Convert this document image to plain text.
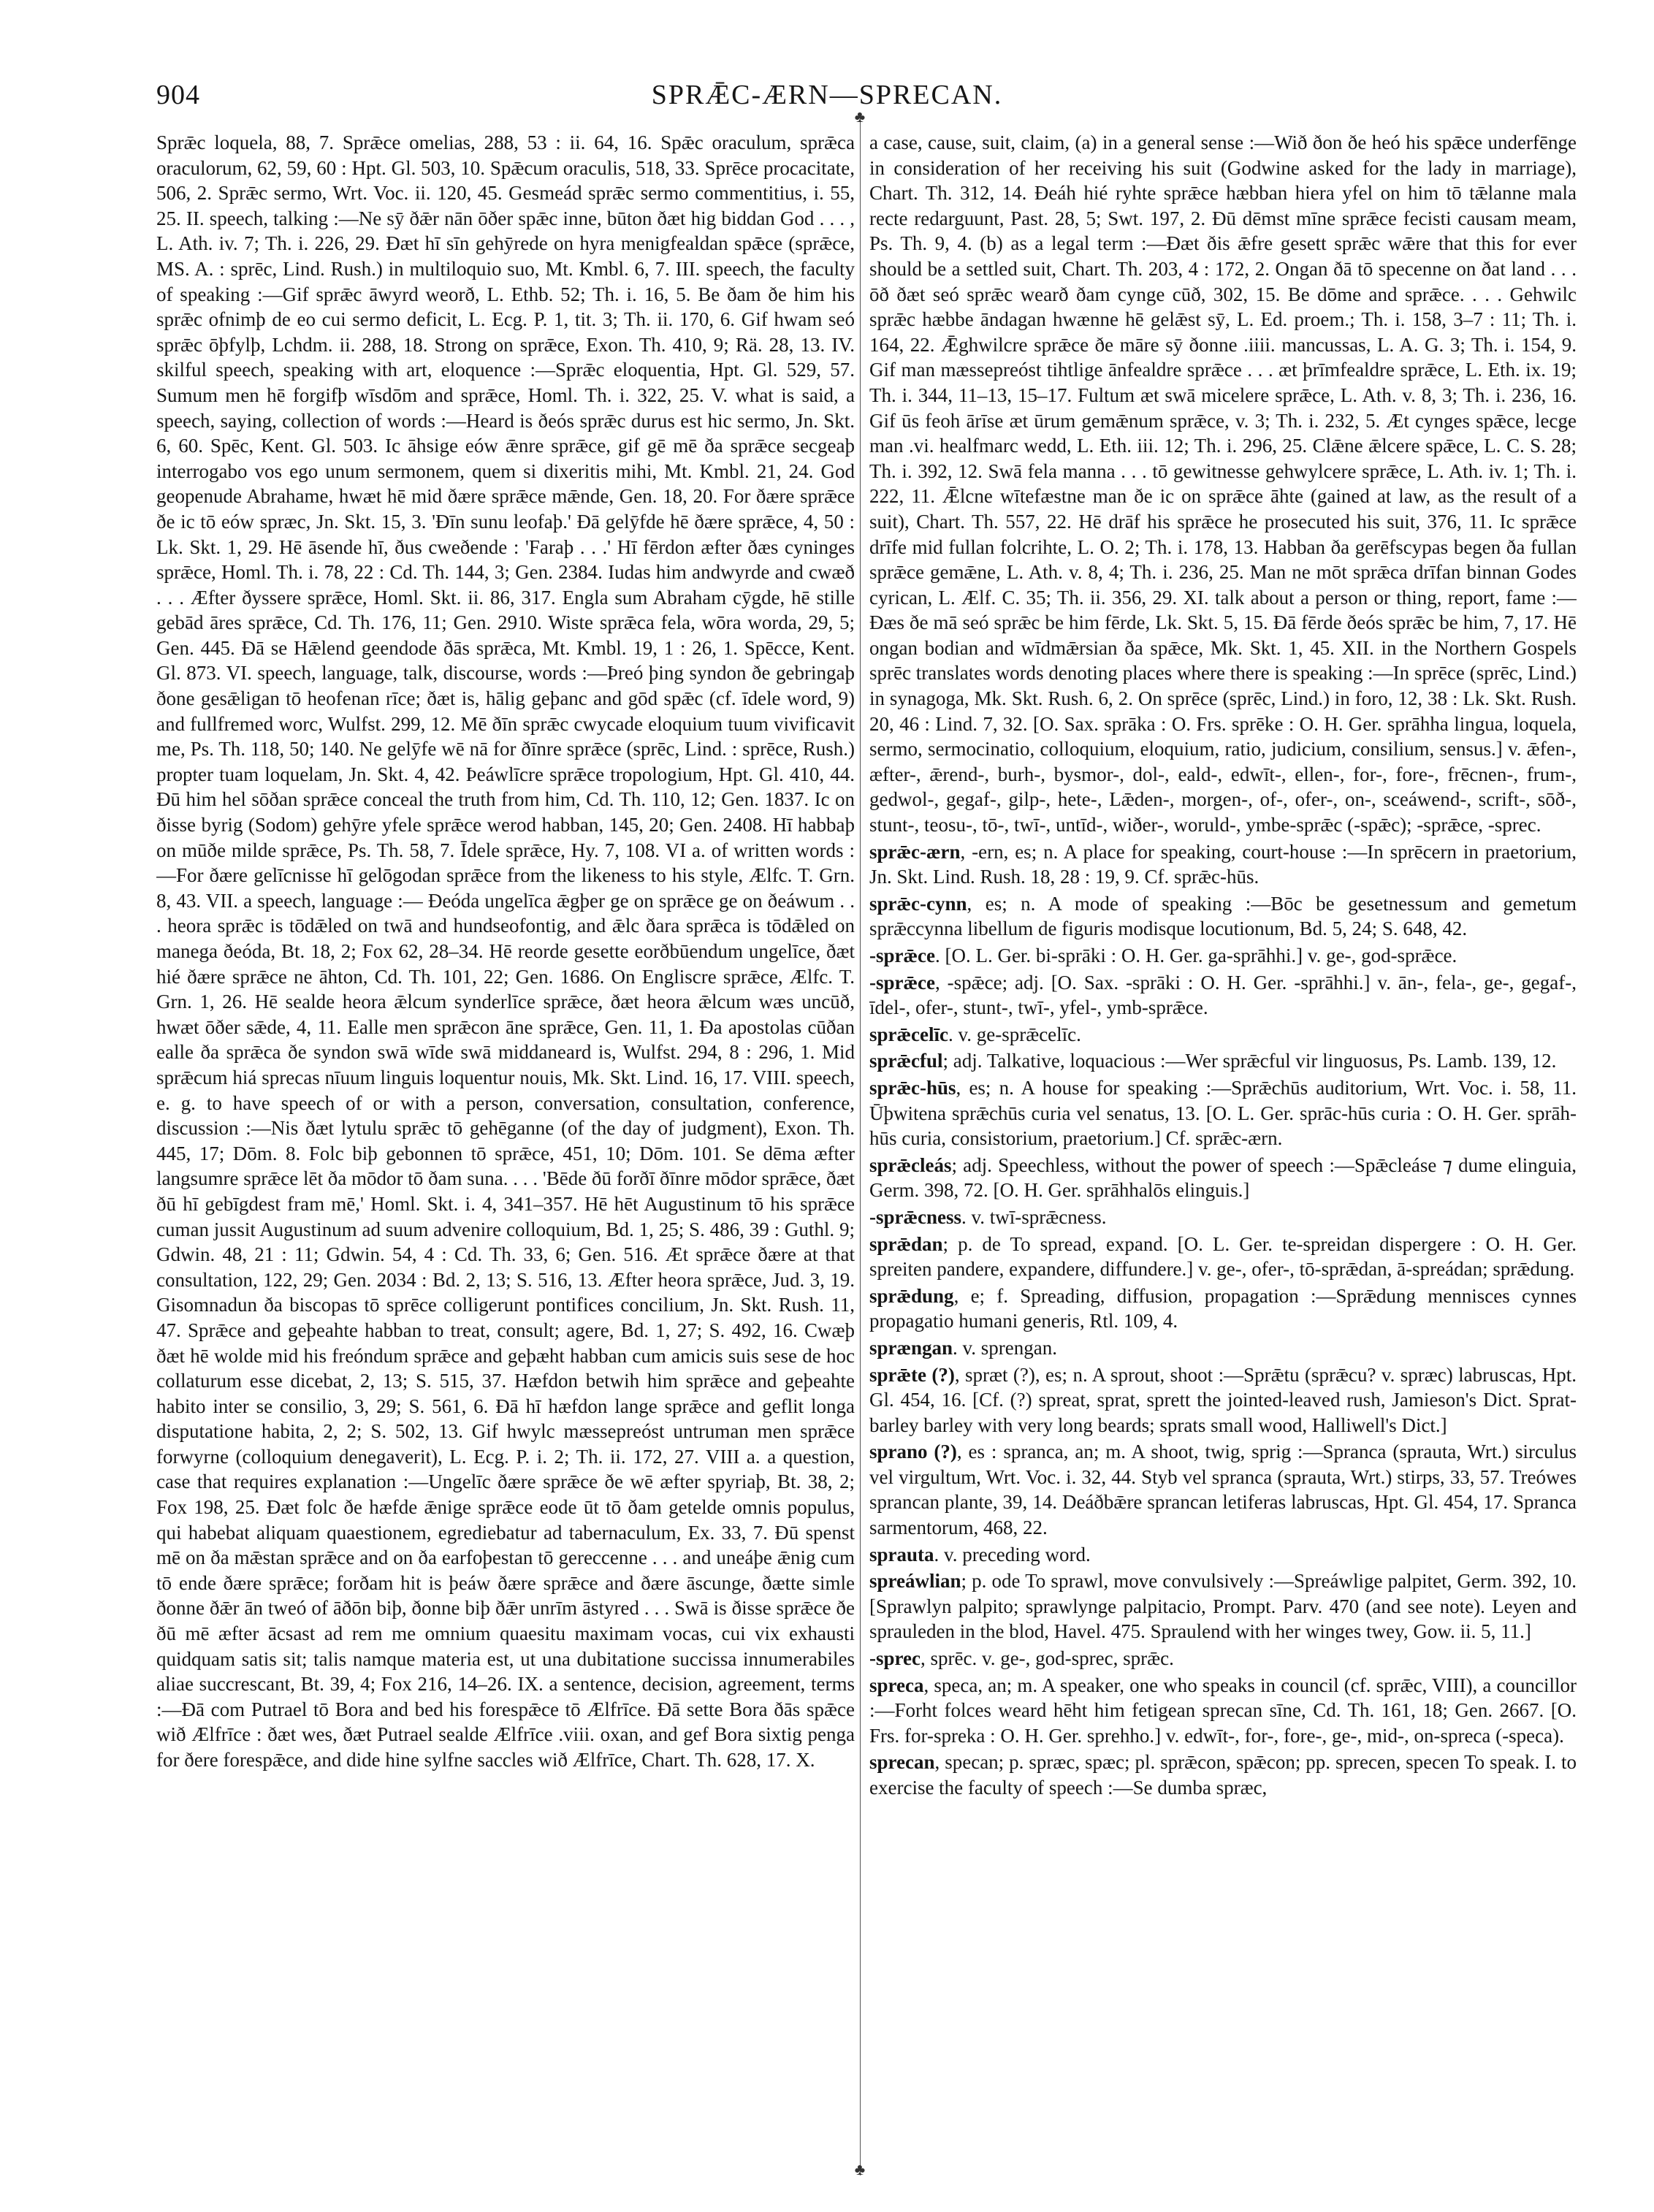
904	SPRǢC-ÆRN—SPRECAN.
♣
♣

Sprǣc loquela, 88, 7. Sprǣce omelias, 288, 53 : ii. 64, 16. Spǣc oraculum, sprǣca oraculorum, 62, 59, 60 : Hpt. Gl. 503, 10. Spǣcum oraculis, 518, 33. Sprēce procacitate, 506, 2. Sprǣc sermo, Wrt. Voc. ii. 120, 45. Gesmeád sprǣc sermo commentitius, i. 55, 25. II. speech, talking :—Ne sȳ ðǣr nān ōðer spǣc inne, būton ðæt hig biddan God . . . , L. Ath. iv. 7; Th. i. 226, 29. Ðæt hī sīn gehȳrede on hyra menigfealdan spǣce (sprǣce, MS. A. : sprēc, Lind. Rush.) in multiloquio suo, Mt. Kmbl. 6, 7. III. speech, the faculty of speaking :—Gif sprǣc āwyrd weorð, L. Ethb. 52; Th. i. 16, 5. Be ðam ðe him his sprǣc ofnimþ de eo cui sermo deficit, L. Ecg. P. 1, tit. 3; Th. ii. 170, 6. Gif hwam seó sprǣc ōþfylþ, Lchdm. ii. 288, 18. Strong on sprǣce, Exon. Th. 410, 9; Rä. 28, 13. IV. skilful speech, speaking with art, eloquence :—Sprǣc eloquentia, Hpt. Gl. 529, 57. Sumum men hē forgifþ wīsdōm and sprǣce, Homl. Th. i. 322, 25. V. what is said, a speech, saying, collection of words :—Heard is ðeós sprǣc durus est hic sermo, Jn. Skt. 6, 60. Spēc, Kent. Gl. 503. Ic āhsige eów ǣnre sprǣce, gif gē mē ða sprǣce secgeaþ interrogabo vos ego unum sermonem, quem si dixeritis mihi, Mt. Kmbl. 21, 24. God geopenude Abrahame, hwæt hē mid ðære sprǣce mǣnde, Gen. 18, 20. For ðære sprǣce ðe ic tō eów spræc, Jn. Skt. 15, 3. 'Ðīn sunu leofaþ.' Ðā gelȳfde hē ðære sprǣce, 4, 50 : Lk. Skt. 1, 29. Hē āsende hī, ðus cweðende : 'Faraþ . . .' Hī fērdon æfter ðæs cyninges sprǣce, Homl. Th. i. 78, 22 : Cd. Th. 144, 3; Gen. 2384. Iudas him andwyrde and cwæð . . . Æfter ðyssere sprǣce, Homl. Skt. ii. 86, 317. Engla sum Abraham cȳgde, hē stille gebād āres sprǣce, Cd. Th. 176, 11; Gen. 2910. Wiste sprǣca fela, wōra worda, 29, 5; Gen. 445. Ðā se Hǣlend geendode ðās sprǣca, Mt. Kmbl. 19, 1 : 26, 1. Spēcce, Kent. Gl. 873. VI. speech, language, talk, discourse, words :—Þreó þing syndon ðe gebringaþ ðone gesǣligan tō heofenan rīce; ðæt is, hālig geþanc and gōd spǣc (cf. īdele word, 9) and fullfremed worc, Wulfst. 299, 12. Mē ðīn sprǣc cwycade eloquium tuum vivificavit me, Ps. Th. 118, 50; 140. Ne gelȳfe wē nā for ðīnre sprǣce (sprēc, Lind. : sprēce, Rush.) propter tuam loquelam, Jn. Skt. 4, 42. Þeáwlīcre sprǣce tropologium, Hpt. Gl. 410, 44. Ðū him hel sōðan sprǣce conceal the truth from him, Cd. Th. 110, 12; Gen. 1837. Ic on ðisse byrig (Sodom) gehȳre yfele sprǣce werod habban, 145, 20; Gen. 2408. Hī habbaþ on mūðe milde sprǣce, Ps. Th. 58, 7. Īdele sprǣce, Hy. 7, 108. VI a. of written words :—For ðære gelīcnisse hī gelōgodan sprǣce from the likeness to his style, Ælfc. T. Grn. 8, 43. VII. a speech, language :— Ðeóda ungelīca ǣgþer ge on sprǣce ge on ðeáwum . . . heora sprǣc is tōdǣled on twā and hundseofontig, and ǣlc ðara sprǣca is tōdǣled on manega ðeóda, Bt. 18, 2; Fox 62, 28–34. Hē reorde gesette eorðbūendum ungelīce, ðæt hié ðære sprǣce ne āhton, Cd. Th. 101, 22; Gen. 1686. On Engliscre sprǣce, Ælfc. T. Grn. 1, 26. Hē sealde heora ǣlcum synderlīce sprǣce, ðæt heora ǣlcum wæs uncūð, hwæt ōðer sǣde, 4, 11. Ealle men sprǣcon āne sprǣce, Gen. 11, 1. Ða apostolas cūðan ealle ða sprǣca ðe syndon swā wīde swā middaneard is, Wulfst. 294, 8 : 296, 1. Mid sprǣcum hiá sprecas nīuum linguis loquentur nouis, Mk. Skt. Lind. 16, 17. VIII. speech, e. g. to have speech of or with a person, conversation, consultation, conference, discussion :—Nis ðæt lytulu sprǣc tō gehēganne (of the day of judgment), Exon. Th. 445, 17; Dōm. 8. Folc biþ gebonnen tō sprǣce, 451, 10; Dōm. 101. Se dēma æfter langsumre sprǣce lēt ða mōdor tō ðam suna. . . . 'Bēde ðū forðī ðīnre mōdor sprǣce, ðæt ðū hī gebīgdest fram mē,' Homl. Skt. i. 4, 341–357. Hē hēt Augustinum tō his sprǣce cuman jussit Augustinum ad suum advenire colloquium, Bd. 1, 25; S. 486, 39 : Guthl. 9; Gdwin. 48, 21 : 11; Gdwin. 54, 4 : Cd. Th. 33, 6; Gen. 516. Æt sprǣce ðære at that consultation, 122, 29; Gen. 2034 : Bd. 2, 13; S. 516, 13. Æfter heora sprǣce, Jud. 3, 19. Gisomnadun ða biscopas tō sprēce colligerunt pontifices concilium, Jn. Skt. Rush. 11, 47. Sprǣce and geþeahte habban to treat, consult; agere, Bd. 1, 27; S. 492, 16. Cwæþ ðæt hē wolde mid his freóndum sprǣce and geþæht habban cum amicis suis sese de hoc collaturum esse dicebat, 2, 13; S. 515, 37. Hæfdon betwih him sprǣce and geþeahte habito inter se consilio, 3, 29; S. 561, 6. Ðā hī hæfdon lange sprǣce and geflit longa disputatione habita, 2, 2; S. 502, 13. Gif hwylc mæssepreóst untruman men sprǣce forwyrne (colloquium denegaverit), L. Ecg. P. i. 2; Th. ii. 172, 27. VIII a. a question, case that requires explanation :—Ungelīc ðære sprǣce ðe wē æfter spyriaþ, Bt. 38, 2; Fox 198, 25. Ðæt folc ðe hæfde ǣnige sprǣce eode ūt tō ðam getelde omnis populus, qui habebat aliquam quaestionem, egrediebatur ad tabernaculum, Ex. 33, 7. Ðū spenst mē on ða mǣstan sprǣce and on ða earfoþestan tō gereccenne . . . and uneáþe ǣnig cum tō ende ðære sprǣce; forðam hit is þeáw ðære sprǣce and ðære āscunge, ðætte simle ðonne ðǣr ān tweó of āðōn biþ, ðonne biþ ðǣr unrīm āstyred . . . Swā is ðisse sprǣce ðe ðū mē æfter ācsast ad rem me omnium quaesitu maximam vocas, cui vix exhausti quidquam satis sit; talis namque materia est, ut una dubitatione succissa innumerabiles aliae succrescant, Bt. 39, 4; Fox 216, 14–26. IX. a sentence, decision, agreement, terms :—Ðā com Putrael tō Bora and bed his forespǣce tō Ælfrīce. Ðā sette Bora ðās spǣce wið Ælfrīce : ðæt wes, ðæt Putrael sealde Ælfrīce .viii. oxan, and gef Bora sixtig penga for ðere forespǣce, and dide hine sylfne saccles wið Ælfrīce, Chart. Th. 628, 17. X.

a case, cause, suit, claim, (a) in a general sense :—Wið ðon ðe heó his spǣce underfēnge in consideration of her receiving his suit (Godwine asked for the lady in marriage), Chart. Th. 312, 14. Ðeáh hié ryhte sprǣce hæbban hiera yfel on him tō tǣlanne mala recte redarguunt, Past. 28, 5; Swt. 197, 2. Ðū dēmst mīne sprǣce fecisti causam meam, Ps. Th. 9, 4. (b) as a legal term :—Ðæt ðis ǣfre gesett sprǣc wǣre that this for ever should be a settled suit, Chart. Th. 203, 4 : 172, 2. Ongan ðā tō specenne on ðat land . . . ōð ðæt seó sprǣc wearð ðam cynge cūð, 302, 15. Be dōme and sprǣce. . . . Gehwilc sprǣc hæbbe āndagan hwænne hē gelǣst sȳ, L. Ed. proem.; Th. i. 158, 3–7 : 11; Th. i. 164, 22. Ǣghwilcre sprǣce ðe māre sȳ ðonne .iiii. mancussas, L. A. G. 3; Th. i. 154, 9. Gif man mæssepreóst tihtlige ānfealdre sprǣce . . . æt þrīmfealdre sprǣce, L. Eth. ix. 19; Th. i. 344, 11–13, 15–17. Fultum æt swā micelere sprǣce, L. Ath. v. 8, 3; Th. i. 236, 16. Gif ūs feoh ārīse æt ūrum gemǣnum sprǣce, v. 3; Th. i. 232, 5. Æt cynges spǣce, lecge man .vi. healfmarc wedd, L. Eth. iii. 12; Th. i. 296, 25. Clǣne ǣlcere spǣce, L. C. S. 28; Th. i. 392, 12. Swā fela manna . . . tō gewitnesse gehwylcere sprǣce, L. Ath. iv. 1; Th. i. 222, 11. Ǣlcne wītefæstne man ðe ic on sprǣce āhte (gained at law, as the result of a suit), Chart. Th. 557, 22. Hē drāf his sprǣce he prosecuted his suit, 376, 11. Ic sprǣce drīfe mid fullan folcrihte, L. O. 2; Th. i. 178, 13. Habban ða gerēfscypas begen ða fullan sprǣce gemǣne, L. Ath. v. 8, 4; Th. i. 236, 25. Man ne mōt sprǣca drīfan binnan Godes cyrican, L. Ælf. C. 35; Th. ii. 356, 29. XI. talk about a person or thing, report, fame :—Ðæs ðe mā seó sprǣc be him fērde, Lk. Skt. 5, 15. Ðā fērde ðeós sprǣc be him, 7, 17. Hē ongan bodian and wīdmǣrsian ða spǣce, Mk. Skt. 1, 45. XII. in the Northern Gospels sprēc translates words denoting places where there is speaking :—In sprēce (sprēc, Lind.) in synagoga, Mk. Skt. Rush. 6, 2. On sprēce (sprēc, Lind.) in foro, 12, 38 : Lk. Skt. Rush. 20, 46 : Lind. 7, 32. [O. Sax. sprāka : O. Frs. sprēke : O. H. Ger. sprāhha lingua, loquela, sermo, sermocinatio, colloquium, eloquium, ratio, judicium, consilium, sensus.] v. ǣfen-, æfter-, ǣrend-, burh-, bysmor-, dol-, eald-, edwīt-, ellen-, for-, fore-, frēcnen-, frum-, gedwol-, gegaf-, gilp-, hete-, Lǣden-, morgen-, of-, ofer-, on-, sceáwend-, scrift-, sōð-, stunt-, teosu-, tō-, twī-, untīd-, wiðer-, woruld-, ymbe-sprǣc (-spǣc); -sprǣce, -sprec.

sprǣc-ærn, -ern, es; n. A place for speaking, court-house :—In sprēcern in praetorium, Jn. Skt. Lind. Rush. 18, 28 : 19, 9. Cf. sprǣc-hūs.

sprǣc-cynn, es; n. A mode of speaking :—Bōc be gesetnessum and gemetum sprǣccynna libellum de figuris modisque locutionum, Bd. 5, 24; S. 648, 42.

-sprǣce. [O. L. Ger. bi-sprāki : O. H. Ger. ga-sprāhhi.] v. ge-, god-sprǣce.

-sprǣce, -spǣce; adj. [O. Sax. -sprāki : O. H. Ger. -sprāhhi.] v. ān-, fela-, ge-, gegaf-, īdel-, ofer-, stunt-, twī-, yfel-, ymb-sprǣce.

sprǣcelīc. v. ge-sprǣcelīc.

sprǣcful; adj. Talkative, loquacious :—Wer sprǣcful vir linguosus, Ps. Lamb. 139, 12.

sprǣc-hūs, es; n. A house for speaking :—Sprǣchūs auditorium, Wrt. Voc. i. 58, 11. Ūþwitena sprǣchūs curia vel senatus, 13. [O. L. Ger. sprāc-hūs curia : O. H. Ger. sprāh-hūs curia, consistorium, praetorium.] Cf. sprǣc-ærn.

sprǣcleás; adj. Speechless, without the power of speech :—Spǣcleáse ⁊ dume elinguia, Germ. 398, 72. [O. H. Ger. sprāhhalōs elinguis.]

-sprǣcness. v. twī-sprǣcness.

sprǣdan; p. de To spread, expand. [O. L. Ger. te-spreidan dispergere : O. H. Ger. spreiten pandere, expandere, diffundere.] v. ge-, ofer-, tō-sprǣdan, ā-spreádan; sprǣdung.

sprǣdung, e; f. Spreading, diffusion, propagation :—Sprǣdung mennisces cynnes propagatio humani generis, Rtl. 109, 4.

sprængan. v. sprengan.

sprǣte (?), spræt (?), es; n. A sprout, shoot :—Sprǣtu (sprǣcu? v. spræc) labruscas, Hpt. Gl. 454, 16. [Cf. (?) spreat, sprat, sprett the jointed-leaved rush, Jamieson's Dict. Sprat-barley barley with very long beards; sprats small wood, Halliwell's Dict.]

sprano (?), es : spranca, an; m. A shoot, twig, sprig :—Spranca (sprauta, Wrt.) sirculus vel virgultum, Wrt. Voc. i. 32, 44. Styb vel spranca (sprauta, Wrt.) stirps, 33, 57. Treówes sprancan plante, 39, 14. Deáðbǣre sprancan letiferas labruscas, Hpt. Gl. 454, 17. Spranca sarmentorum, 468, 22.

sprauta. v. preceding word.

spreáwlian; p. ode To sprawl, move convulsively :—Spreáwlige palpitet, Germ. 392, 10. [Sprawlyn palpito; sprawlynge palpitacio, Prompt. Parv. 470 (and see note). Leyen and sprauleden in the blod, Havel. 475. Spraulend with her winges twey, Gow. ii. 5, 11.]

-sprec, sprēc. v. ge-, god-sprec, sprǣc.

spreca, speca, an; m. A speaker, one who speaks in council (cf. sprǣc, VIII), a councillor :—Forht folces weard hēht him fetigean sprecan sīne, Cd. Th. 161, 18; Gen. 2667. [O. Frs. for-spreka : O. H. Ger. sprehho.] v. edwīt-, for-, fore-, ge-, mid-, on-spreca (-speca).

sprecan, specan; p. spræc, spæc; pl. sprǣcon, spǣcon; pp. sprecen, specen To speak. I. to exercise the faculty of speech :—Se dumba spræc,
